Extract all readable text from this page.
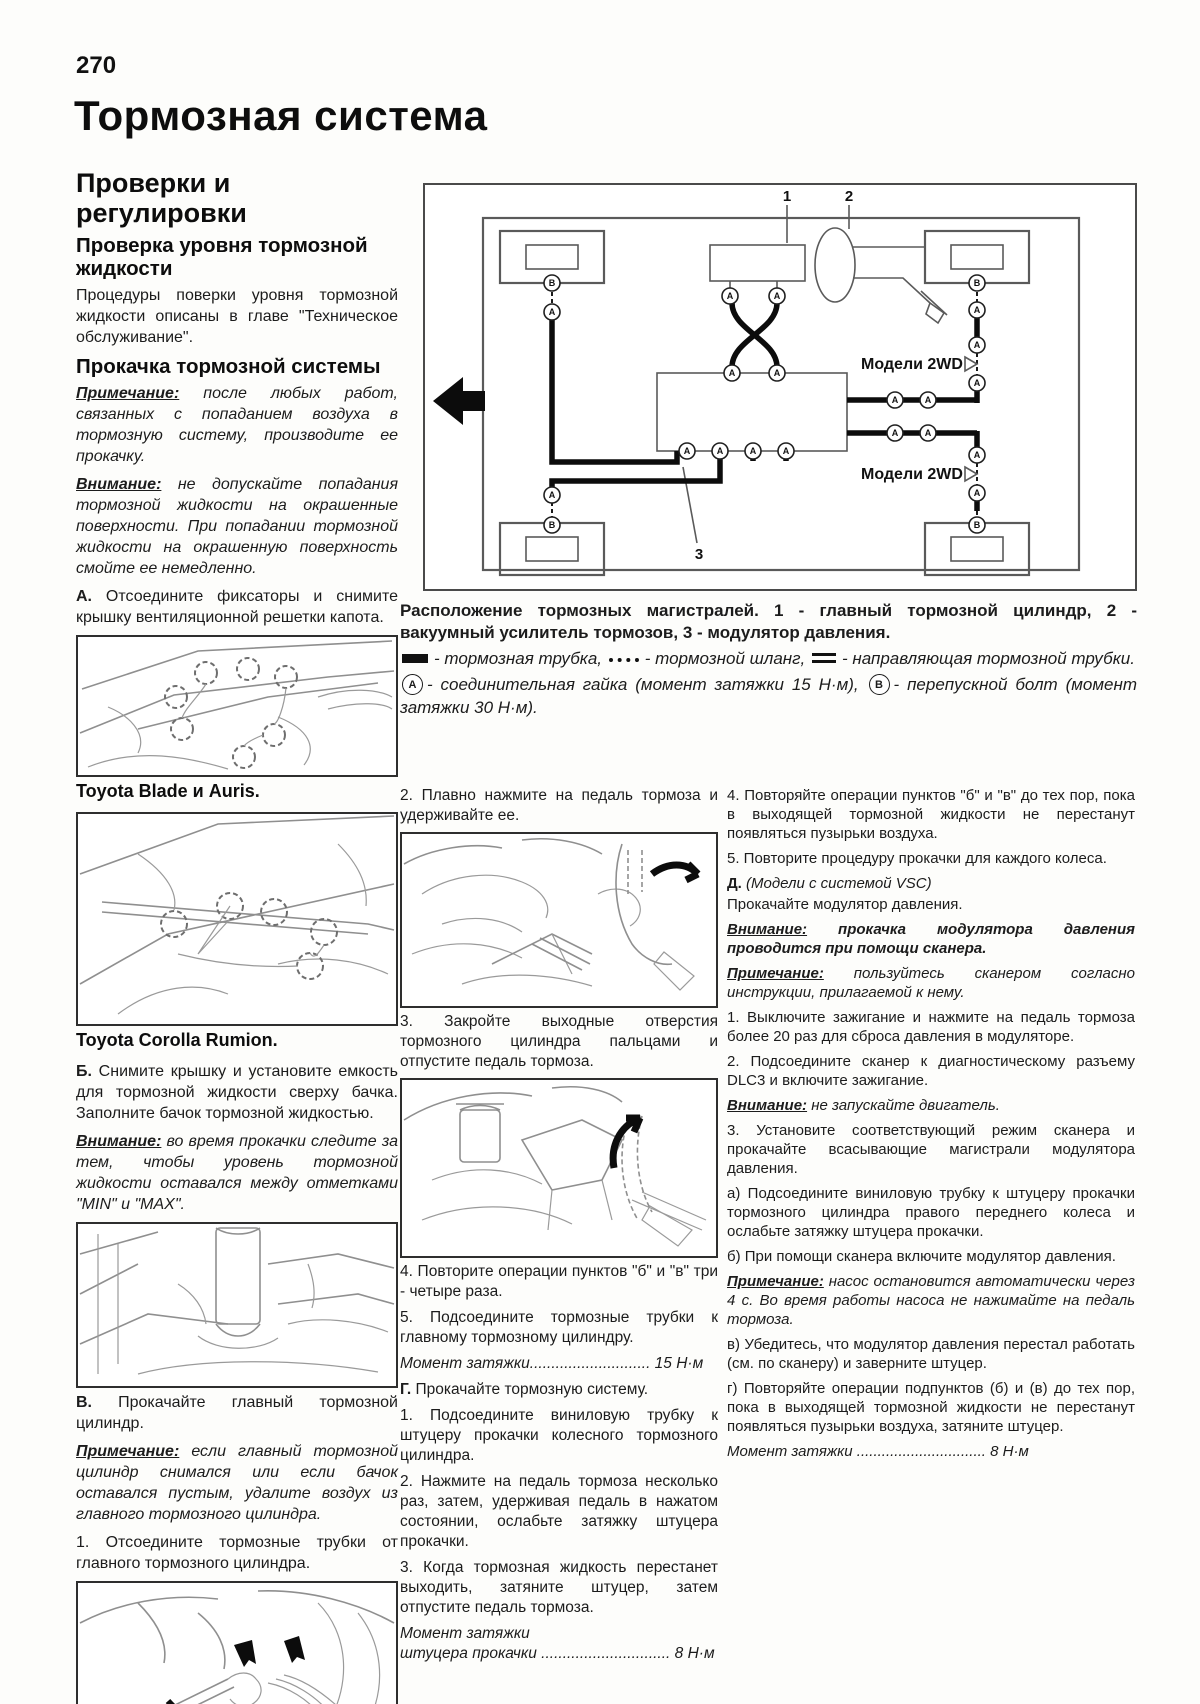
270
Тормозная система
Проверки и регулировки
Проверка уровня тормозной жидкости

Процедуры поверки уровня тормозной жидкости описаны в главе "Техническое обслуживание".

Прокачка тормозной системы

Примечание: после любых работ, связанных с попаданием воздуха в тормозную систему, производите ее прокачку.

Внимание: не допускайте попадания тормозной жидкости на окрашенные поверхности. При попадании тормозной жидкости на окрашенную поверхность смойте ее немедленно.

А. Отсоедините фиксаторы и снимите крышку вентиляционной решетки капота.

Toyota Blade и Auris.
Toyota Corolla Rumion.

Б. Снимите крышку и установите емкость для тормозной жидкости сверху бачка. Заполните бачок тормозной жидкостью.

Внимание: во время прокачки следите за тем, чтобы уровень тормозной жидкости оставался между отметками "MIN" и "MAX".

В. Прокачайте главный тормозной цилиндр.

Примечание: если главный тормозной цилиндр снимался или если бачок оставался пустым, удалите воздух из главного тормозного цилиндра.

1. Отсоедините тормозные трубки от главного тормозного цилиндра.

1	2
3
Модели 2WD
Модели 2WD
B	B
B	B
A	A
A	A
A	A	A	A
A
A
A	A
A	A
A
A
A
A
A

Расположение тормозных магистралей. 1 - главный тормозной цилиндр, 2 - вакуумный усилитель тормозов, 3 - модулятор давления.

- тормозная трубка,	- тормозной шланг, - направляющая тормозной трубки.

A - соединительная гайка (момент затяжки 15 Н·м), B - перепускной болт (момент затяжки 30 Н·м).

2. Плавно нажмите на педаль тормоза и удерживайте ее.

3. Закройте выходные отверстия тормозного цилиндра пальцами и отпустите педаль тормоза.

4. Повторите операции пунктов "б" и "в" три - четыре раза.

5. Подсоедините тормозные трубки к главному тормозному цилиндру.

Момент затяжки............................ 15 Н·м

Г. Прокачайте тормозную систему.

1. Подсоедините виниловую трубку к штуцеру прокачки колесного тормозного цилиндра.

2. Нажмите на педаль тормоза несколько раз, затем, удерживая педаль в нажатом состоянии, ослабьте затяжку штуцера прокачки.

3. Когда тормозная жидкость перестанет выходить, затяните штуцер, затем отпустите педаль тормоза.

Момент затяжки

штуцера прокачки .............................. 8 Н·м

4. Повторяйте операции пунктов "б" и "в" до тех пор, пока в выходящей тормозной жидкости не перестанут появляться пузырьки воздуха.

5. Повторите процедуру прокачки для каждого колеса.

Д. (Модели с системой VSC)

Прокачайте модулятор давления.

Внимание: прокачка модулятора давления проводится при помощи сканера.

Примечание: пользуйтесь сканером согласно инструкции, прилагаемой к нему.

1. Выключите зажигание и нажмите на педаль тормоза более 20 раз для сброса давления в модуляторе.

2. Подсоедините сканер к диагностическому разъему DLC3 и включите зажигание.

Внимание: не запускайте двигатель.

3. Установите соответствующий режим сканера и прокачайте всасывающие магистрали модулятора давления.

а) Подсоедините виниловую трубку к штуцеру прокачки тормозного цилиндра правого переднего колеса и ослабьте затяжку штуцера прокачки.

б) При помощи сканера включите модулятор давления.

Примечание: насос остановится автоматически через 4 с. Во время работы насоса не нажимайте на педаль тормоза.

в) Убедитесь, что модулятор давления перестал работать (см. по сканеру) и заверните штуцер.

г) Повторяйте операции подпунктов (б) и (в) до тех пор, пока в выходящей тормозной жидкости не перестанут появляться пузырьки воздуха, затяните штуцер.

Момент затяжки ............................... 8 Н·м
